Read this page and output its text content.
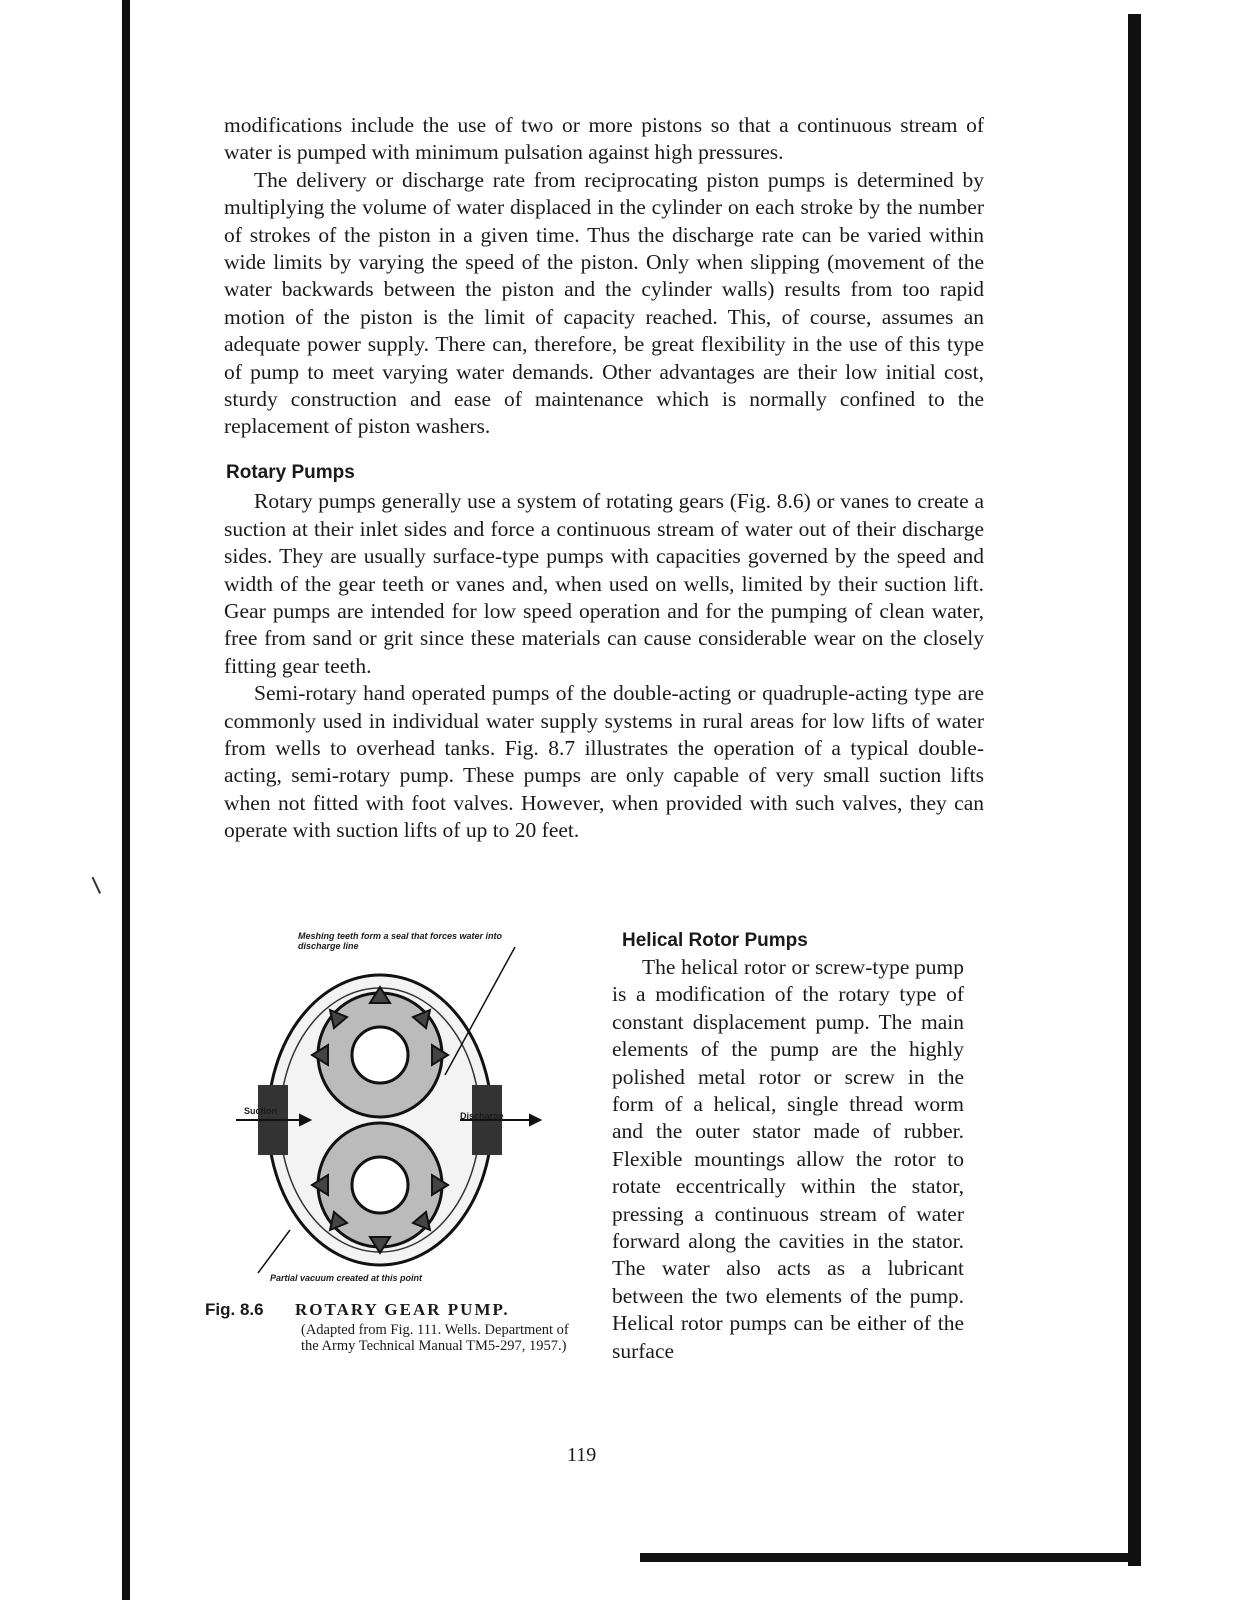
modifications include the use of two or more pistons so that a continuous stream of water is pumped with minimum pulsation against high pressures.

The delivery or discharge rate from reciprocating piston pumps is determined by multiplying the volume of water displaced in the cylinder on each stroke by the number of strokes of the piston in a given time. Thus the discharge rate can be varied within wide limits by varying the speed of the piston. Only when slipping (movement of the water backwards between the piston and the cylinder walls) results from too rapid motion of the piston is the limit of capacity reached. This, of course, assumes an adequate power supply. There can, therefore, be great flexibility in the use of this type of pump to meet varying water demands. Other advantages are their low initial cost, sturdy construction and ease of maintenance which is normally confined to the replacement of piston washers.

Rotary Pumps

Rotary pumps generally use a system of rotating gears (Fig. 8.6) or vanes to create a suction at their inlet sides and force a continuous stream of water out of their discharge sides. They are usually surface-type pumps with capacities governed by the speed and width of the gear teeth or vanes and, when used on wells, limited by their suction lift. Gear pumps are intended for low speed operation and for the pumping of clean water, free from sand or grit since these materials can cause considerable wear on the closely fitting gear teeth.

Semi-rotary hand operated pumps of the double-acting or quadruple-acting type are commonly used in individual water supply systems in rural areas for low lifts of water from wells to overhead tanks. Fig. 8.7 illustrates the operation of a typical double-acting, semi-rotary pump. These pumps are only capable of very small suction lifts when not fitted with foot valves. However, when provided with such valves, they can operate with suction lifts of up to 20 feet.

Meshing teeth form a seal that forces water into discharge line
Suction	Discharge
Partial vacuum created at this point
Fig. 8.6 ROTARY GEAR PUMP.
(Adapted from Fig. 111. Wells. Department of the Army Technical Manual TM5-297, 1957.)
Helical Rotor Pumps

The helical rotor or screw-type pump is a modification of the rotary type of constant displacement pump. The main elements of the pump are the highly polished metal rotor or screw in the form of a helical, single thread worm and the outer stator made of rubber. Flexible mountings allow the rotor to rotate eccentrically within the stator, pressing a continuous stream of water forward along the cavities in the stator. The water also acts as a lubricant between the two elements of the pump. Helical rotor pumps can be either of the surface

119
